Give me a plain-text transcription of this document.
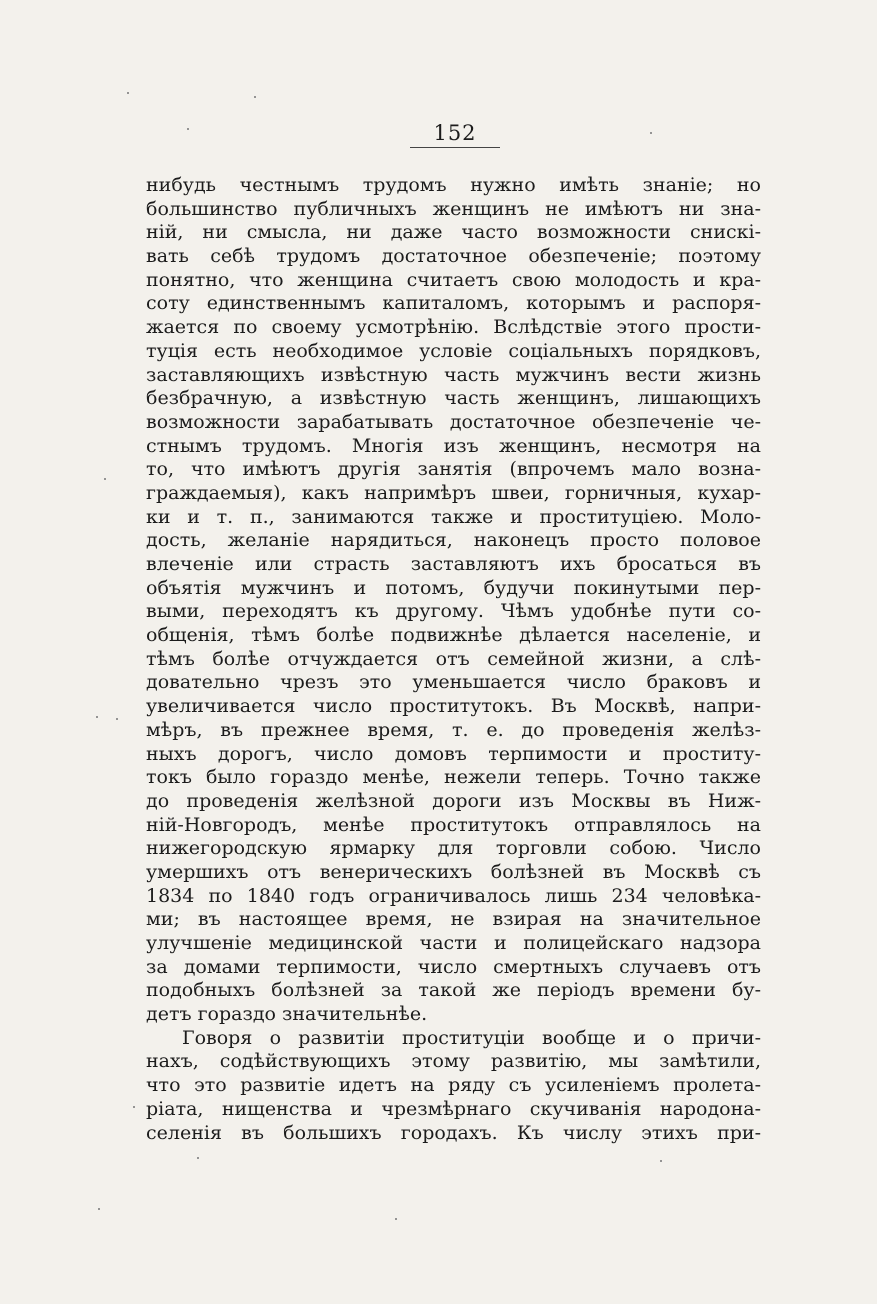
152
нибудь честнымъ трудомъ нужно имѣть знаніе; но
большинство публичныхъ женщинъ не имѣютъ ни зна-
ній, ни смысла, ни даже часто возможности снискі-
вать себѣ трудомъ достаточное обезпеченіе; поэтому
понятно, что женщина считаетъ свою молодость и кра-
соту единственнымъ капиталомъ, которымъ и распоря-
жается по своему усмотрѣнію. Вслѣдствіе этого прости-
туція есть необходимое условіе соціальныхъ порядковъ,
заставляющихъ извѣстную часть мужчинъ вести жизнь
безбрачную, а извѣстную часть женщинъ, лишающихъ
возможности зарабатывать достаточное обезпеченіе че-
стнымъ трудомъ. Многія изъ женщинъ, несмотря на
то, что имѣютъ другія занятія (впрочемъ мало возна-
граждаемыя), какъ напримѣръ швеи, горничныя, кухар-
ки и т. п., занимаются также и проституціею. Моло-
дость, желаніе нарядиться, наконецъ просто половое
влеченіе или страсть заставляютъ ихъ бросаться въ
объятія мужчинъ и потомъ, будучи покинутыми пер-
выми, переходятъ къ другому. Чѣмъ удобнѣе пути со-
общенія, тѣмъ болѣе подвижнѣе дѣлается населеніе, и
тѣмъ болѣе отчуждается отъ семейной жизни, а слѣ-
довательно чрезъ это уменьшается число браковъ и
увеличивается число проститутокъ. Въ Москвѣ, напри-
мѣръ, въ прежнее время, т. е. до проведенія желѣз-
ныхъ дорогъ, число домовъ терпимости и проститу-
токъ было гораздо менѣе, нежели теперь. Точно также
до проведенія желѣзной дороги изъ Москвы въ Ниж-
ній-Новгородъ, менѣе проститутокъ отправлялось на
нижегородскую ярмарку для торговли собою. Число
умершихъ отъ венерическихъ болѣзней въ Москвѣ съ
1834 по 1840 годъ ограничивалось лишь 234 человѣка-
ми; въ настоящее время, не взирая на значительное
улучшеніе медицинской части и полицейскаго надзора
за домами терпимости, число смертныхъ случаевъ отъ
подобныхъ болѣзней за такой же періодъ времени бу-
детъ гораздо значительнѣе.
Говоря о развитіи проституціи вообще и о причи-
нахъ, содѣйствующихъ этому развитію, мы замѣтили,
что это развитіе идетъ на ряду съ усиленіемъ пролета-
ріата, нищенства и чрезмѣрнаго скучиванія народона-
селенія въ большихъ городахъ. Къ числу этихъ при-
